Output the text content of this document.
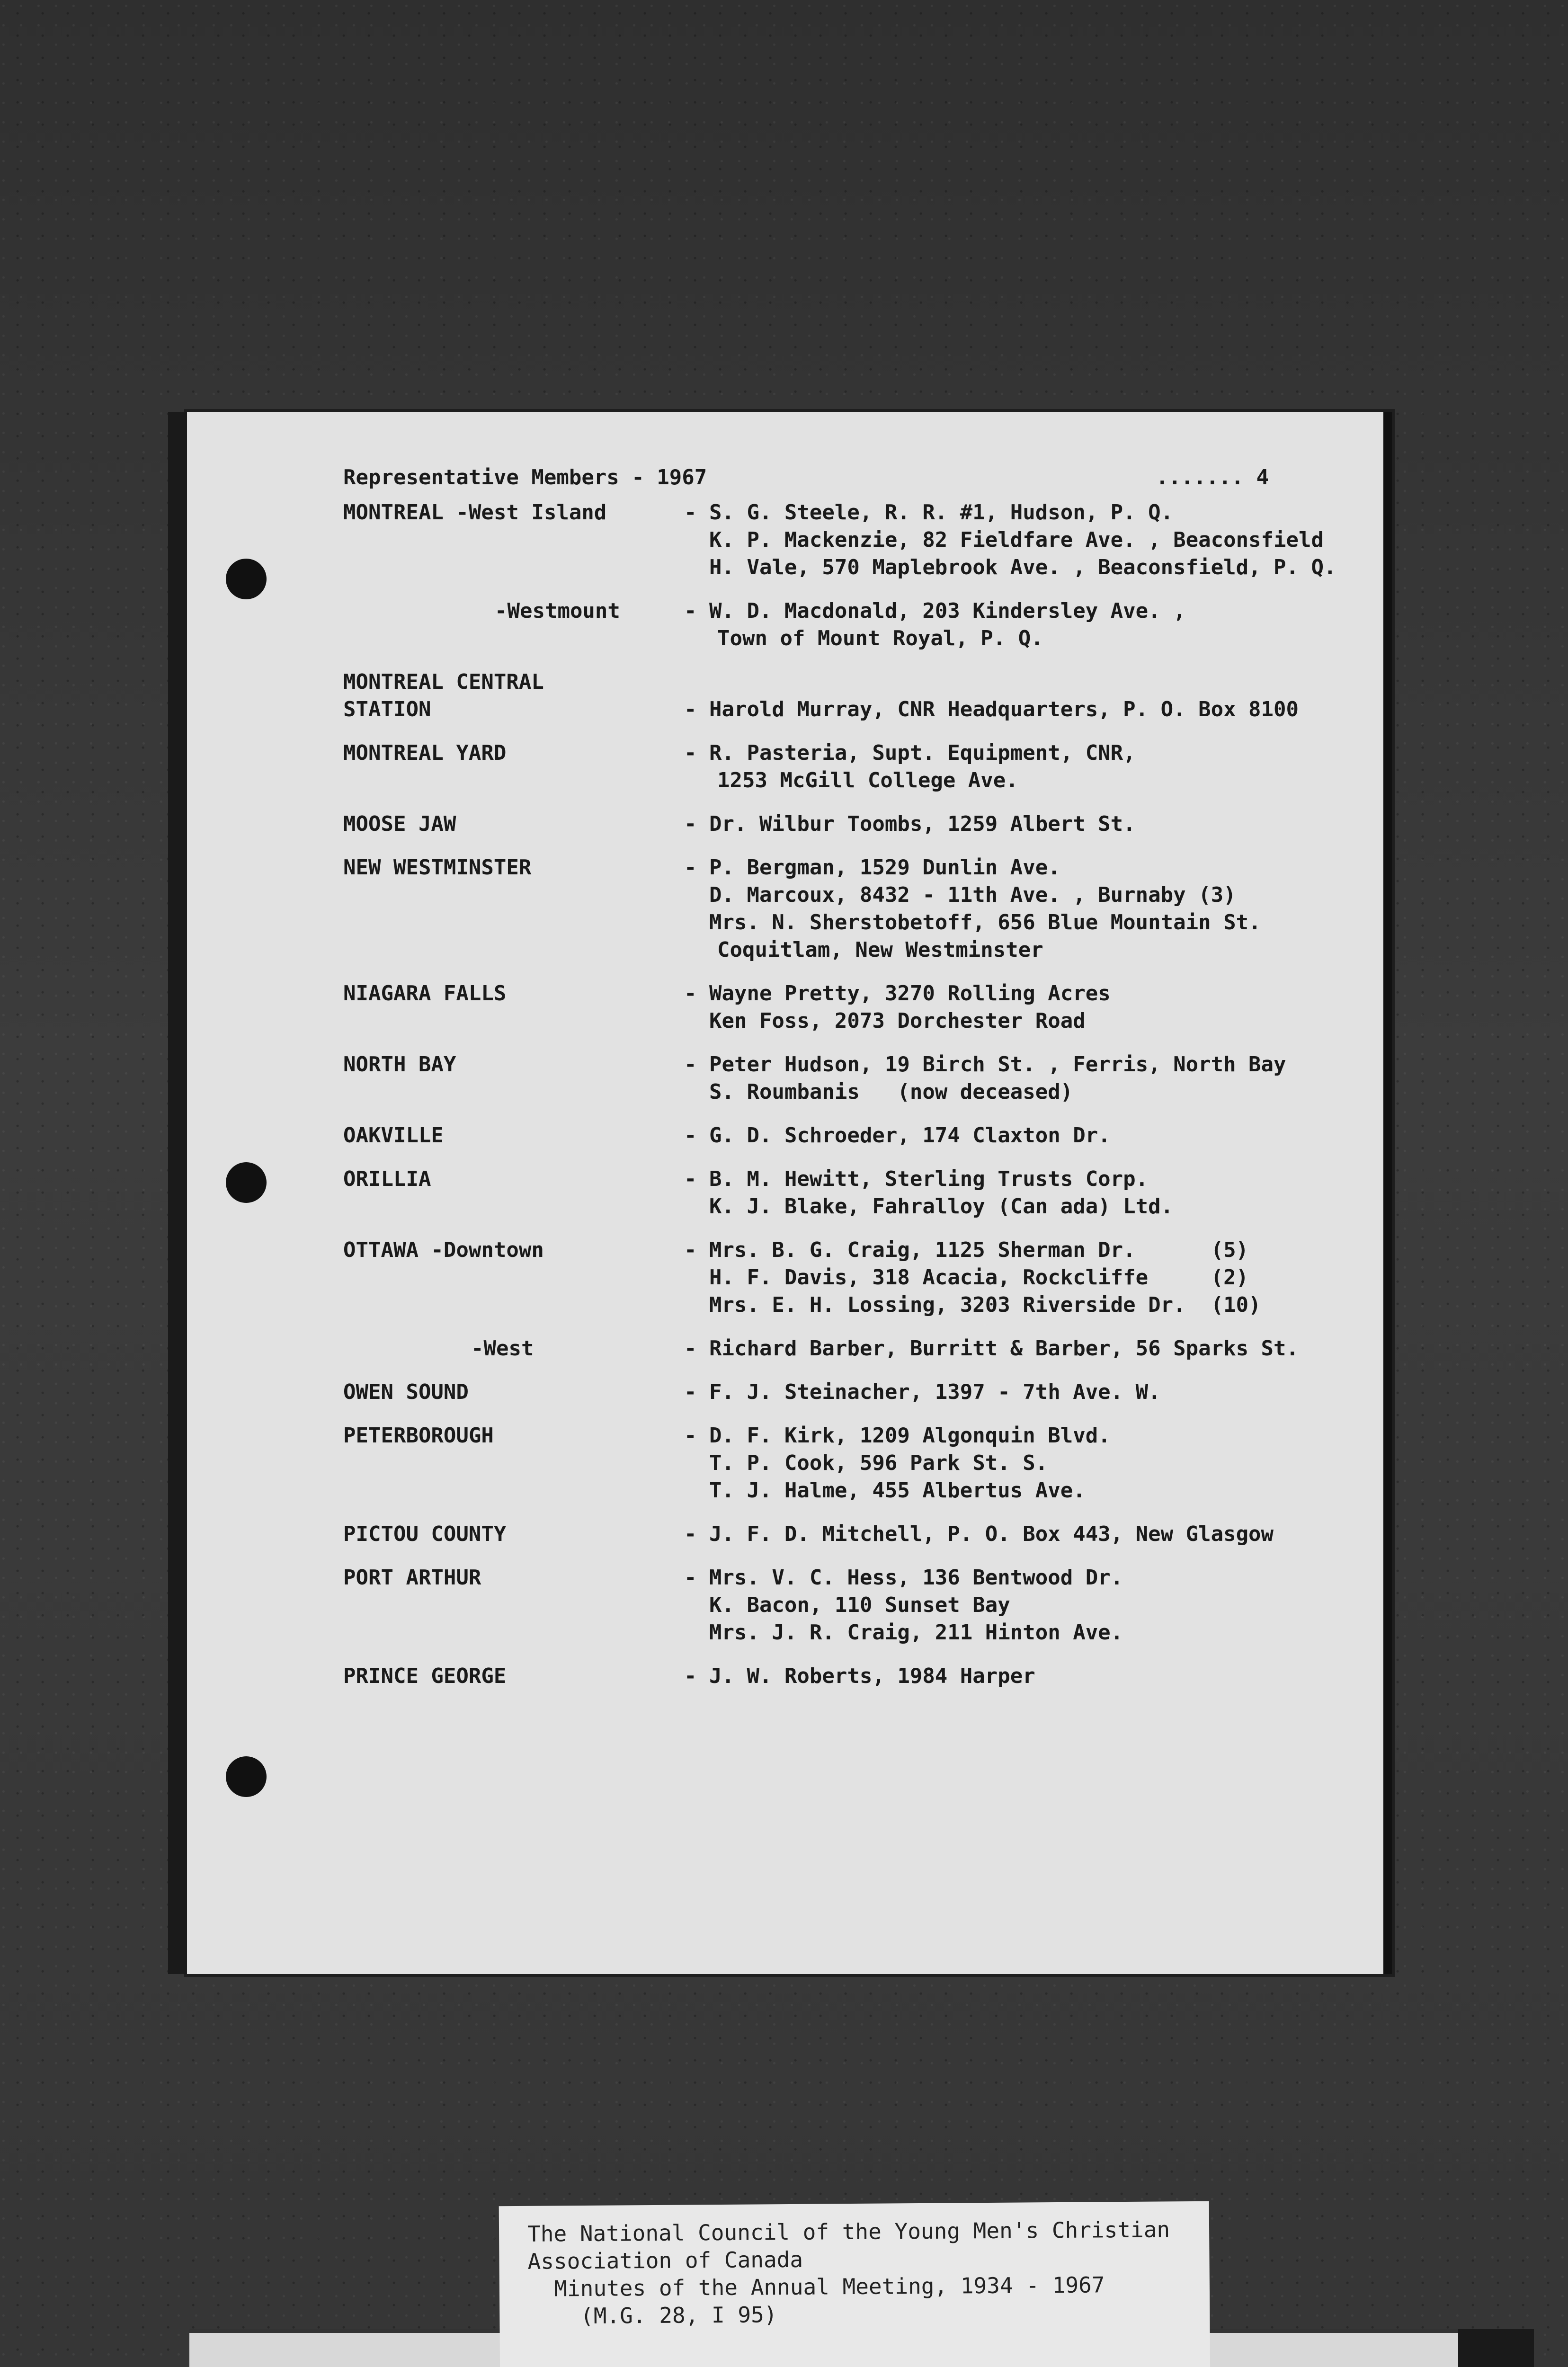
Representative Members - 1967	....... 4
MONTREAL -West Island	- S. G. Steele, R. R. #1, Hudson, P. Q.
K. P. Mackenzie, 82 Fieldfare Ave. , Beaconsfield
H. Vale, 570 Maplebrook Ave. , Beaconsfield, P. Q.
-Westmount	- W. D. Macdonald, 203 Kindersley Ave. ,
Town of Mount Royal, P. Q.
MONTREAL CENTRAL
STATION
	- Harold Murray, CNR Headquarters, P. O. Box 8100
MONTREAL YARD	- R. Pasteria, Supt. Equipment, CNR,
1253 McGill College Ave.
MOOSE JAW	- Dr. Wilbur Toombs, 1259 Albert St.
NEW WESTMINSTER	- P. Bergman, 1529 Dunlin Ave.
D. Marcoux, 8432 - 11th Ave. , Burnaby (3)
Mrs. N. Sherstobetoff, 656 Blue Mountain St.
Coquitlam, New Westminster
NIAGARA FALLS	- Wayne Pretty, 3270 Rolling Acres
Ken Foss, 2073 Dorchester Road
NORTH BAY	- Peter Hudson, 19 Birch St. , Ferris, North Bay
S. Roumbanis   (now deceased)
OAKVILLE	- G. D. Schroeder, 174 Claxton Dr.
ORILLIA	- B. M. Hewitt, Sterling Trusts Corp.
K. J. Blake, Fahralloy (Can ada) Ltd.
OTTAWA -Downtown	- Mrs. B. G. Craig, 1125 Sherman Dr.      (5)
H. F. Davis, 318 Acacia, Rockcliffe     (2)
Mrs. E. H. Lossing, 3203 Riverside Dr.  (10)
-West	- Richard Barber, Burritt & Barber, 56 Sparks St.
OWEN SOUND	- F. J. Steinacher, 1397 - 7th Ave. W.
PETERBOROUGH	- D. F. Kirk, 1209 Algonquin Blvd.
T. P. Cook, 596 Park St. S.
T. J. Halme, 455 Albertus Ave.
PICTOU COUNTY	- J. F. D. Mitchell, P. O. Box 443, New Glasgow
PORT ARTHUR	- Mrs. V. C. Hess, 136 Bentwood Dr.
K. Bacon, 110 Sunset Bay
Mrs. J. R. Craig, 211 Hinton Ave.
PRINCE GEORGE	- J. W. Roberts, 1984 Harper
The National Council of the Young Men's Christian
Association of Canada
Minutes of the Annual Meeting, 1934 - 1967
(M.G. 28, I 95)
